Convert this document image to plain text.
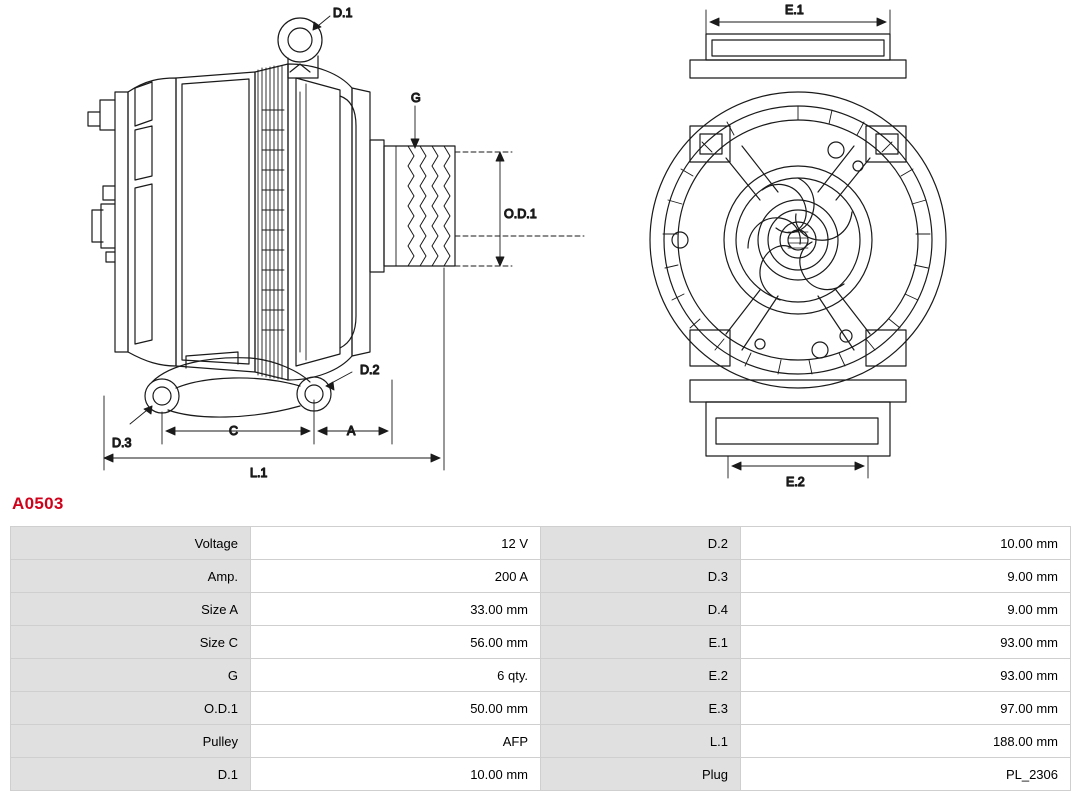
D.1
G
O.D.1
D.2
D.3
C	A
L.1
E.1
E.2
A0503
Voltage	12 V	D.2	10.00 mm
Amp.	200 A	D.3	9.00 mm
Size A	33.00 mm	D.4	9.00 mm
Size C	56.00 mm	E.1	93.00 mm
G	6 qty.	E.2	93.00 mm
O.D.1	50.00 mm	E.3	97.00 mm
Pulley	AFP	L.1	188.00 mm
D.1	10.00 mm	Plug	PL_2306
